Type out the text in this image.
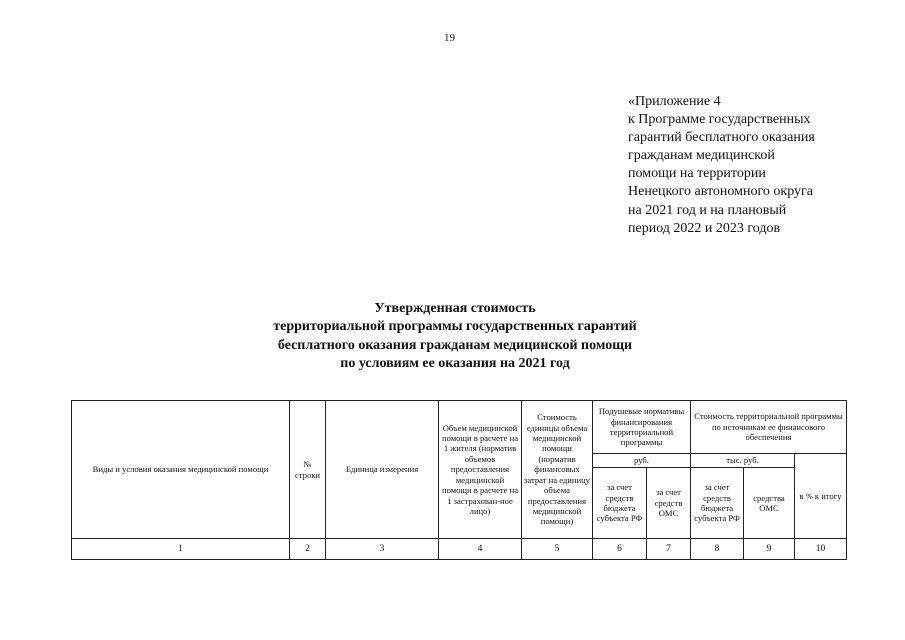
19
«Приложение 4
к Программе государственных
гарантий бесплатного оказания
гражданам медицинской
помощи на территории
Ненецкого автономного округа
на 2021 год и на плановый
период 2022 и 2023 годов
Утвержденная стоимость
территориальной программы государственных гарантий
бесплатного оказания гражданам медицинской помощи
по условиям ее оказания на 2021 год
Виды и условия оказания медицинской помощи	№ строки	Единица измерения	Объем медицинской помощи в расчете на 1 жителя (норматив объемов предоставления медицинской помощи в расчете на 1 застрахован-ное лицо)	Стоимость единицы объема медицинской помощи (норматив финансовых затрат на единицу объема предоставления медицинской помощи)	Подушевые нормативы финансирования территориальной программы		Стоимость территориальной программы по источникам ее финансового обеспечения		
					руб.		тыс. руб.		в % к итогу
					за счет средств бюджета субъекта РФ	за счет средств ОМС	за счет средств бюджета субъекта РФ	средства ОМС	
1	2	3	4	5	6	7	8	9	10
